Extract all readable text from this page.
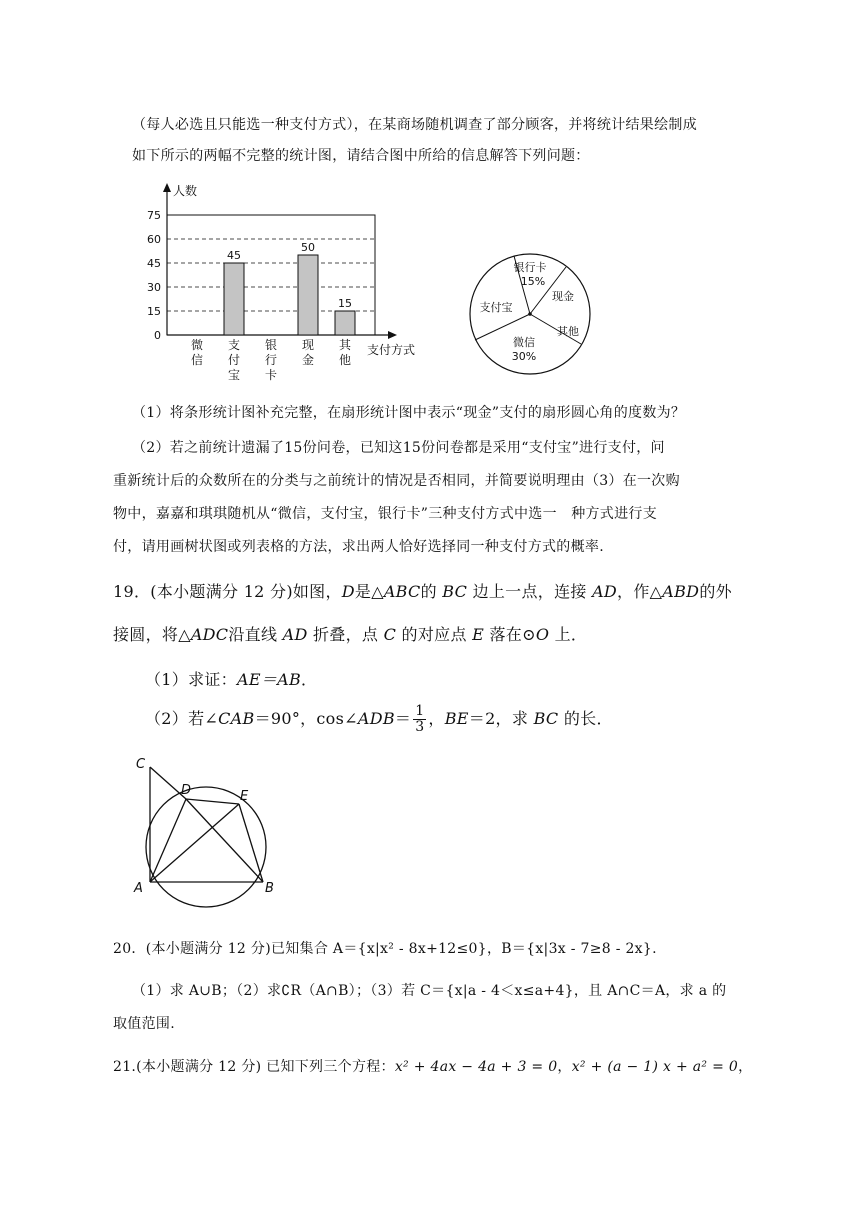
（每人必选且只能选一种支付方式），在某商场随机调查了部分顾客，并将统计结果绘制成
如下所示的两幅不完整的统计图，请结合图中所给的信息解答下列问题：
人数
支付方式
0
15
30
45
60
75
45
50
15
微
信
支
付
宝
银
行
卡
现
金
其
他
银行卡
15%
现金
其他
微信
30%
支付宝
（1）将条形统计图补充完整，在扇形统计图中表示“现金”支付的扇形圆心角的度数为？
（2）若之前统计遗漏了15份问卷，已知这15份问卷都是采用“支付宝”进行支付，问
重新统计后的众数所在的分类与之前统计的情况是否相同，并简要说明理由（3）在一次购
物中，嘉嘉和琪琪随机从“微信，支付宝，银行卡”三种支付方式中选一　种方式进行支
付，请用画树状图或列表格的方法，求出两人恰好选择同一种支付方式的概率.
19．(本小题满分 12 分)如图，D是△ABC的 BC 边上一点，连接 AD，作△ABD的外
接圆，将△ADC沿直线 AD 折叠，点 C 的对应点 E 落在⊙O 上．
（1）求证：AE＝AB．
（2）若∠CAB＝90°，cos∠ADB＝ $\frac{1}{3}$ ，BE＝2，求 BC 的长．
C
D	E
A	B
20．(本小题满分 12 分)已知集合 A＝{x|x² - 8x+12≤0}，B＝{x|3x - 7≥8 - 2x}.
（1）求 A∪B；（2）求∁R（A∩B）；（3）若 C＝{x|a - 4＜x≤a+4}，且 A∩C＝A，求 a 的
取值范围.
21.(本小题满分 12 分) 已知下列三个方程：x² + 4ax − 4a + 3 = 0，x² + (a − 1) x + a² = 0，
